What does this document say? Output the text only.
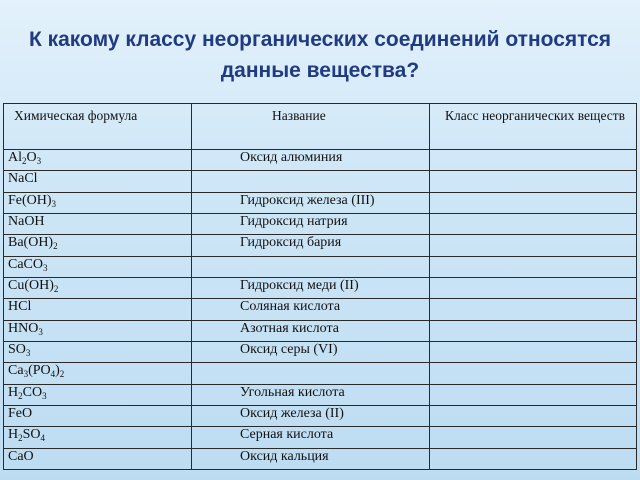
К какому классу неорганических соединений относятся данные вещества?
Химическая формула	Название	Класс неорганических веществ
$Al_2O_3$	Оксид алюминия	
NaCl		
$Fe(OH)_3$	Гидроксид железа (III)	
NaOH	Гидроксид натрия	
$Ba(OH)_2$	Гидроксид бария	
CaCO$_3$		
$Cu(OH)_2$	Гидроксид меди (II)	
HCl	Соляная кислота	
$HNO_3$	Азотная кислота	
$SO_3$	Оксид серы (VI)	
$Ca_3(PO_4)_2$		
$H_2CO_3$	Угольная кислота	
FeO	Оксид железа (II)	
$H_2SO_4$	Серная кислота	
CaO	Оксид кальция	
